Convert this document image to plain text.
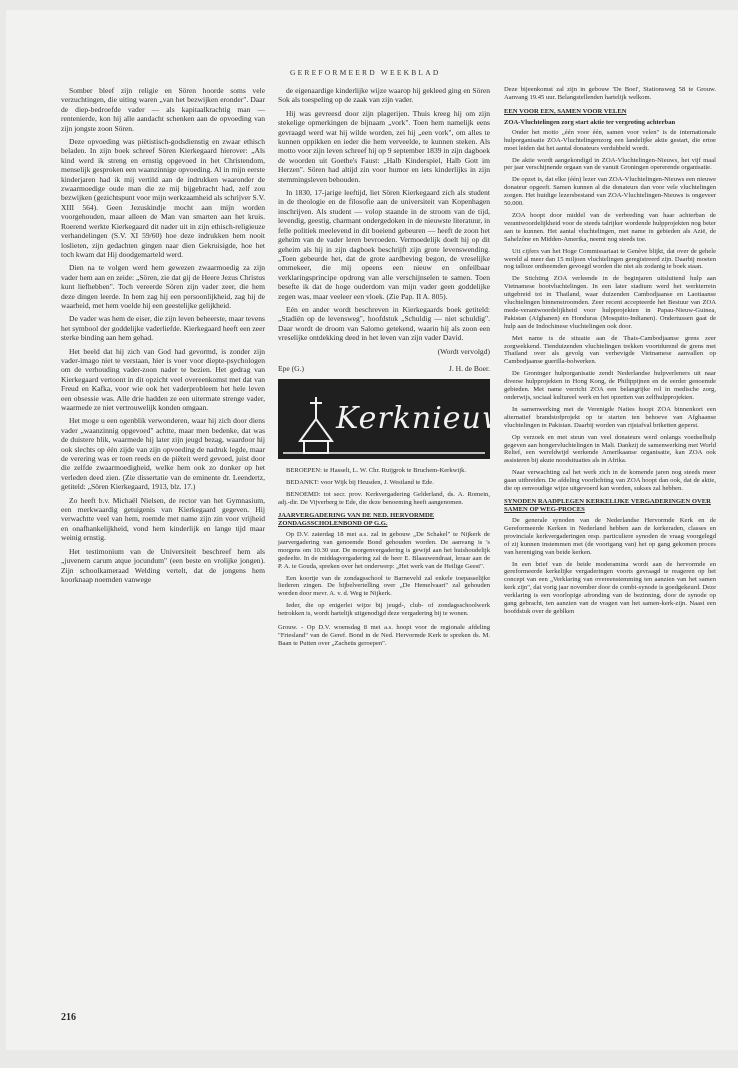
GEREFORMEERD WEEKBLAD

Somber bleef zijn religie en Sören hoorde soms vele verzuchtingen, die uiting waren „van het bezwijken eronder". Daar de diep-bedroefde vader — als kapitaalkrachtig man — rentenierde, kon hij alle aandacht schenken aan de opvoeding van zijn jongste zoon Sören.

Deze opvoeding was piëtistisch-godsdienstig en zwaar ethisch beladen. In zijn boek schreef Sören Kierkegaard hierover: „Als kind werd ik streng en ernstig opgevoed in het Christendom, menselijk gesproken een waanzinnige opvoeding. Al in mijn eerste kinderjaren had ik mij vertild aan de indrukken waaronder de zwaarmoedige oude man die ze mij bijgebracht had, zelf zou bezwijken (gezichtspunt voor mijn werkzaamheid als schrijver S.V. XIII 564). Geen Jezuskindje mocht aan mijn worden voorgehouden, maar alleen de Man van smarten aan het kruis. Roerend werkte Kierkegaard dit nader uit in zijn ethisch-religieuze verhandelingen (S.V. XI 59/60) hoe deze indrukken hem nooit loslieten, zijn gedachten gingen naar dien Gekruisigde, hoe het toch kwam dat Hij doodgemarteld werd.

Dien na te volgen werd hem gewezen zwaarmoedig za zijn vader hem aan en zeide: „Sören, zie dat gij de Heere Jezus Christus kunt liefhebben". Toch vereerde Sören zijn vader zeer, die hem deze dingen leerde. In hem zag hij een persoonlijkheid, zag hij de waarheid, met hem voelde hij een geestelijke gelijkheid.

De vader was hem de eiser, die zijn leven beheerste, maar tevens het symbool der goddelijke vaderliefde. Kierkegaard heeft een zeer sterke binding aan hem gehad.

Het beeld dat hij zich van God had gevormd, is zonder zijn vader-imago niet te verstaan, hier is voer voor diepte-psychologen om de verhouding vader-zoon nader te bezien. Het gedrag van Kierkegaard vertoont in dit opzicht veel overeenkomst met dat van Freud en Kafka, voor wie ook het vaderprobleem het hele leven een obsessie was. Alle drie hadden ze een uitermate strenge vader, waarmede ze niet vertrouwelijk konden omgaan.

Het moge u een ogenblik verwonderen, waar hij zich door diens vader „waanzinnig opgevoed" achtte, maar men bedenke, dat was de duistere blik, waarmede hij later zijn jeugd bezag, waardoor hij ook slechts op één zijde van zijn opvoeding de nadruk legde, maar de verering was er toen reeds en de piëteit werd gevoed, juist door die zelfde zwaarmoedigheid, welke hem ook zo donker op het verleden deed zien. (Zie dissertatie van de eminente dr. Leendertz, getiteld: „Sören Kierkegaard, 1913, blz. 17.)

Zo heeft b.v. Michaël Nielsen, de rector van het Gymnasium, een merkwaardig getuigenis van Kierkegaard gegeven. Hij verwachtte veel van hem, roemde met name zijn zin voor vrijheid en onafhankelijkheid, vond hem kinderlijk en lange tijd maar weinig ernstig.

Het testimonium van de Universiteit beschreef hem als „juvenem carum atque jocundum" (een beste en vrolijke jongen). Zijn schoolkameraad Welding vertelt, dat de jongens hem koorknaap noemden vanwege

de eigenaardige kinderlijke wijze waarop hij gekleed ging en Sören Sok als toespeling op de zaak van zijn vader.

Hij was gevreesd door zijn plagerijen. Thuis kreeg hij om zijn stekelige opmerkingen de bijnaam „vork". Toen hem namelijk eens gevraagd werd wat hij wilde worden, zei hij „een vork", om alles te kunnen oppikken en ieder die hem verveelde, te kunnen steken. Als motto voor zijn leven schreef hij op 9 september 1839 in zijn dagboek de woorden uit Goethe's Faust: „Halb Kinderspiel, Halb Gott im Herzen". Sören had altijd zin voor humor en iets kinderlijks in zijn stemmingsleven behouden.

In 1830, 17-jarige leeftijd, liet Sören Kierkegaard zich als student in de theologie en de filosofie aan de universiteit van Kopenhagen inschrijven. Als student — volop staande in de stroom van de tijd, levendig, geestig, charmant ondergedoken in de nieuwste literatuur, in felle politiek meelevend in dit boeiend gebeuren — heeft de zoon het geheim van de vader leren bevroeden. Vermoedelijk doelt hij op dit geheim als hij in zijn dagboek beschrijft zijn grote levenswending. „Toen gebeurde het, dat de grote aardbeving begon, de vreselijke ommekeer, die mij opeens een nieuw en onfeilbaar verklaringsprincipe opdrong van alle verschijnselen te samen. Toen besefte ik dat de hoge ouderdom van mijn vader geen goddelijke zegen was, maar veeleer een vloek. (Zie Pap. II A. 805).

Eén en ander wordt beschreven in Kierkegaards boek getiteld: „Stadiën op de levensweg", hoofdstuk „Schuldig — niet schuldig". Daar wordt de droom van Salomo getekend, waarin hij als zoon een vreselijke ontdekking deed in het leven van zijn vader David.

(Wordt vervolgd)
Epe (G.)	J. H. de Boer.
Kerknieuws

BEROEPEN: te Hasselt, L. W. Chr. Ruijgrok te Bruchem-Kerkwijk.

BEDANKT: voor Wijk bij Heusden, J. Westland te Ede.

BENOEMD: tot secr. prov. Kerkvergadering Gelderland, ds. A. Romein, adj.-dir. De Vijverberg te Ede, die deze benoeming heeft aangenomen.

JAARVERGADERING VAN DE NED. HERVORMDE ZONDAGSSCHOLENBOND OP G.G.

Op D.V. zaterdag 18 mei a.s. zal in gebouw „De Schakel" te Nijkerk de jaarvergadering van genoemde Bond gehouden worden. De aanvang is 's morgens om 10.30 uur. De morgenvergadering is gewijd aan het huishoudelijk gedeelte. In de middagvergadering zal de heer E. Blaauwendraat, leraar aan de P. A. te Gouda, spreken over het onderwerp: „Het werk van de Heilige Geest".

Een koortje van de zondagsschool te Barneveld zal enkele toepasselijke liederen zingen. De bijbelvertelling over „De Hemelvaart" zal gehouden worden door mevr. A. v. d. Weg te Nijkerk.

Ieder, die op enigerlei wijze bij jeugd-, club- of zondagsschoolwerk betrokken is, wordt hartelijk uitgenodigd deze vergadering bij te wonen.

Grouw. - Op D.V. woensdag 8 mei a.s. hoopt voor de regionale afdeling "Friesland" van de Geref. Bond in de Ned. Hervormde Kerk te spreken ds. M. Baan te Putten over „Zacheüs geroepen".
Deze bijeenkomst zal zijn in gebouw 'De Boei', Stationsweg 58 te Grouw. Aanvang 19.45 uur. Belangstellenden hartelijk welkom.
EEN VOOR EEN, SAMEN VOOR VELEN
ZOA-Vluchtelingen zorg start aktie ter vergroting achterban

Onder het motto „één voor één, samen voor velen" is de internationale hulporganisatie ZOA-Vluchtelingenzorg een landelijke aktie gestart, die ertoe moet leiden dat het aantal donateurs verdubbeld wordt.

De aktie wordt aangekondigd in ZOA-Vluchtelingen-Nieuws, het vijf maal per jaar verschijnende orgaan van de vanuit Groningen opererende organisatie.

De opzet is, dat elke (één) lezer van ZOA-Vluchtelingen-Nieuws een nieuwe donateur opgeeft. Samen kunnen al die donateurs dan voor vele vluchtelingen zorgen. Het huidige lezersbestand van ZOA-Vluchtelingen-Nieuws is ongeveer 50.000.

ZOA hoopt door middel van de verbreding van haar achterban de verantwoordelijkheid voor de steeds talrijker wordende hulpprojekten nog beter aan te kunnen. Het aantal vluchtelingen, met name in gebieden als Azië, de Sahelzône en Midden-Amerika, neemt nog steeds toe.

Uit cijfers van het Hoge Commissariaat te Genève blijkt, dat over de gehele wereld al meer dan 15 miljoen vluchtelingen geregistreerd zijn. Daarbij moeten nog talloze ontheemden gevoegd worden die niet als zodanig te boek staan.

De Stichting ZOA verleende in de beginjaren uitsluitend hulp aan Vietnamese bootvluchtelingen. In een later stadium werd het werkterrein uitgebreid tot in Thailand, waar duizenden Cambodjaanse en Laotiaanse vluchtelingen binnenstroomden. Zeer recent accepteerde het Bestuur van ZOA mede-verantwoordelijkheid voor hulpprojekten in Papau-Nieuw-Guinea, Pakistan (Afghanen) en Honduras (Mosquito-Indianen). Ondertussen gaat de hulp aan de Indochinese vluchtelingen ook door.

Met name is de situatie aan de Thais-Cambodjaanse grens zeer zorgwekkend. Tienduizenden vluchtelingen trekken voortdurend de grens met Thailand over als gevolg van verhevigde Vietnamese aanvallen op Cambodjaanse guerilla-bolwerken.

De Groninger hulporganisatie zendt Nederlandse hulpverleners uit naar diverse hulpprojekten in Hong Kong, de Philippijnen en de eerder genoemde gebieden. Met name verricht ZOA een belangrijke rol in medische zorg, onderwijs, sociaal kultureel werk en het opzetten van zelfhulpprojekten.

In samenwerking met de Verenigde Naties hoopt ZOA binnenkort een alternatief brandstofprojekt op te starten ten behoeve van Afghaanse vluchtelingen in Pakistan. Daarbij worden van rijstafval briketten geperst.

Op verzoek en met steun van veel donateurs werd onlangs voedselhulp gegeven aan hongervluchtelingen in Mali. Dankzij de samenwerking met World Relief, een wereldwijd werkende Amerikaanse organisatie, kan ZOA ook assisteren bij akute noodsituaties als in Afrika.

Naar verwachting zal het werk zich in de komende jaren nog steeds meer gaan uitbreiden. De afdeling voorlichting van ZOA hoopt dan ook, dat de aktie, die op eenvoudige wijze uitgevoerd kan worden, sukses zal hebben.

SYNODEN RAADPLEGEN KERKELIJKE VERGADERINGEN OVER SAMEN OP WEG-PROCES

De generale synoden van de Nederlandse Hervormde Kerk en de Gereformeerde Kerken in Nederland hebben aan de kerkeraden, classes en provinciale kerkvergaderingen resp. particuliere synoden de vraag voorgelegd of zij kunnen instemmen met (de voortgang van) het op gang gekomen proces van hereniging van beide kerken.

In een brief van de beide moderamina wordt aan de hervormde en gereformeerde kerkelijke vergaderingen voorts gevraagd te reageren op het concept van een „Verklaring van overeenstemming ten aanzien van het samen kerk zijn", dat vorig jaar november door de combi-synode is goedgekeurd. Deze verklaring is een voorlopige afronding van de bezinning, door de synode op gang gebracht, ten aanzien van de vragen van het samen-kerk-zijn. Naast een hoofdstuk over de geblken

216
